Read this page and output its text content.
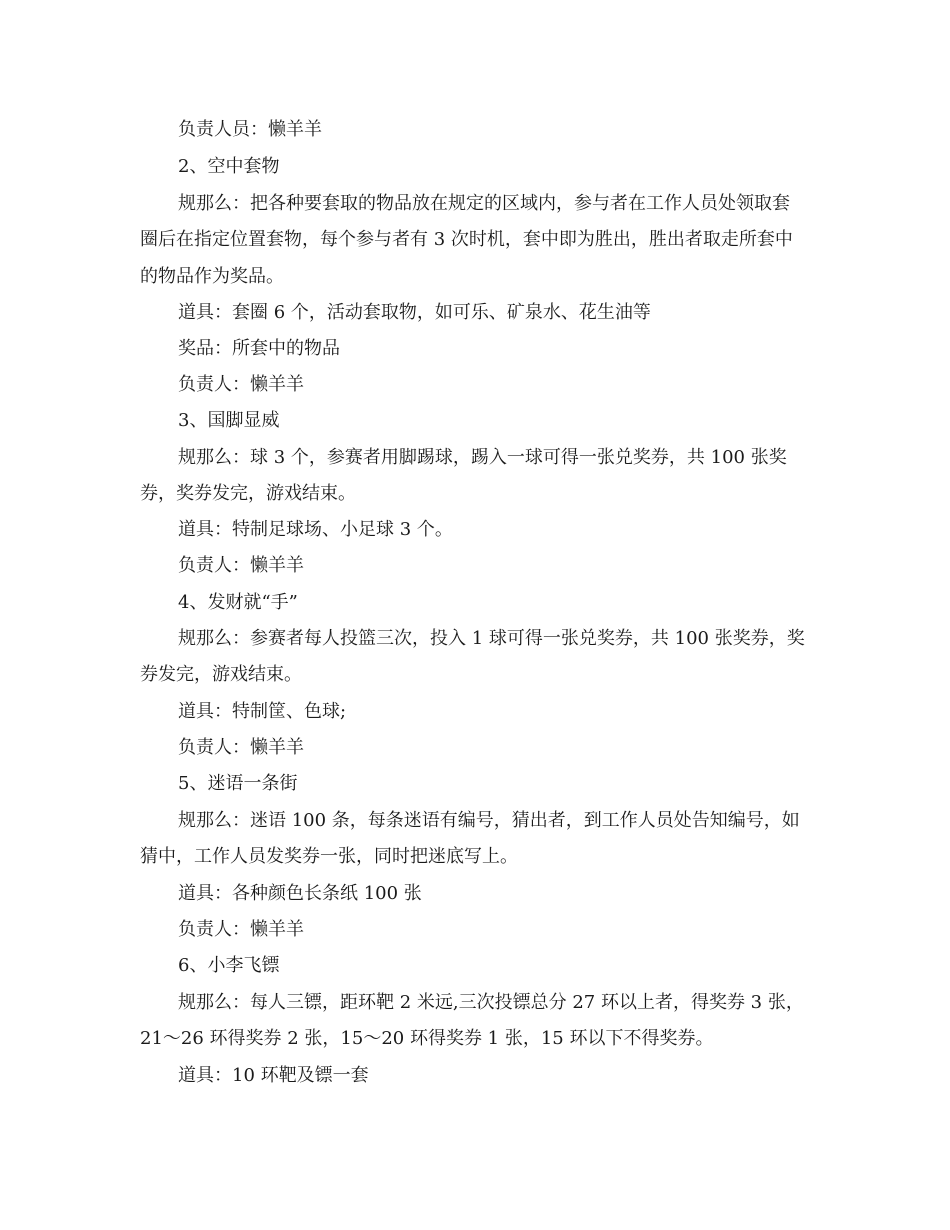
负责人员：懒羊羊
2、空中套物
规那么：把各种要套取的物品放在规定的区域内，参与者在工作人员处领取套
圈后在指定位置套物，每个参与者有 3 次时机，套中即为胜出，胜出者取走所套中
的物品作为奖品。
道具：套圈 6 个，活动套取物，如可乐、矿泉水、花生油等
奖品：所套中的物品
负责人：懒羊羊
3、国脚显威
规那么：球 3 个，参赛者用脚踢球，踢入一球可得一张兑奖券，共 100 张奖
券，奖券发完，游戏结束。
道具：特制足球场、小足球 3 个。
负责人：懒羊羊
4、发财就“手”
规那么：参赛者每人投篮三次，投入 1 球可得一张兑奖券，共 100 张奖券，奖
券发完，游戏结束。
道具：特制筐、色球;
负责人：懒羊羊
5、迷语一条街
规那么：迷语 100 条，每条迷语有编号，猜出者，到工作人员处告知编号，如
猜中，工作人员发奖券一张，同时把迷底写上。
道具：各种颜色长条纸 100 张
负责人：懒羊羊
6、小李飞镖
规那么：每人三镖，距环靶 2 米远,三次投镖总分 27 环以上者，得奖券 3 张，
21～26 环得奖券 2 张，15～20 环得奖券 1 张，15 环以下不得奖券。
道具：10 环靶及镖一套
